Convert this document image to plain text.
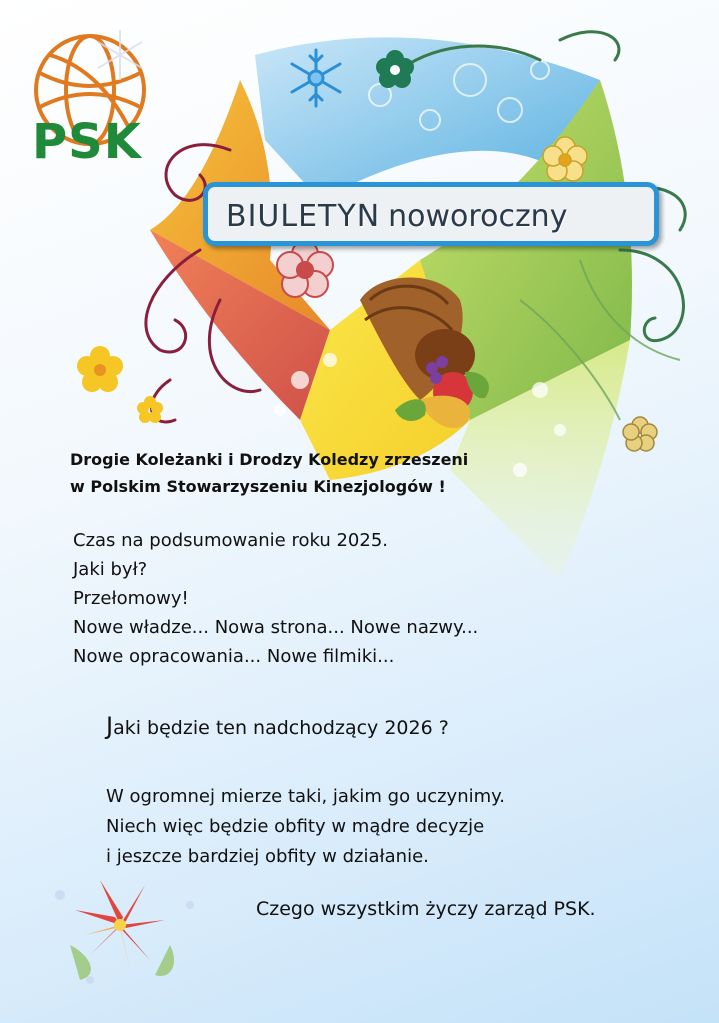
PSK
BIULETYN noworoczny
Drogie Koleżanki i Drodzy Koledzy zrzeszeni
w Polskim Stowarzyszeniu Kinezjologów !
Czas na podsumowanie roku 2025.
Jaki był?
Przełomowy!
Nowe władze... Nowa strona... Nowe nazwy...
Nowe opracowania... Nowe filmiki...
Jaki będzie ten nadchodzący 2026 ?
W ogromnej mierze taki, jakim go uczynimy.
Niech więc będzie obfity w mądre decyzje
i jeszcze bardziej obfity w działanie.
Czego wszystkim życzy zarząd PSK.
